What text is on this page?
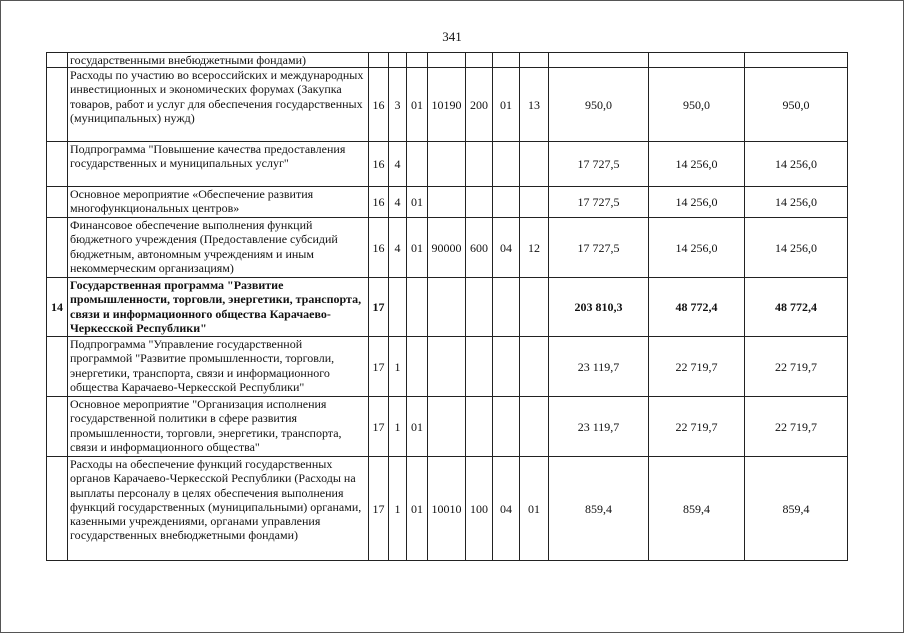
341
	государственными внебюджетными фондами)										
	Расходы по участию во всероссийских и международных инвестиционных и экономических форумах (Закупка товаров, работ и услуг для обеспечения государственных (муниципальных) нужд)	16	3	01	10190	200	01	13	950,0	950,0	950,0
	Подпрограмма "Повышение качества предоставления государственных и муниципальных услуг"	16	4						17 727,5	14 256,0	14 256,0
	Основное мероприятие «Обеспечение развития многофункциональных центров»	16	4	01					17 727,5	14 256,0	14 256,0
	Финансовое обеспечение выполнения функций бюджетного учреждения (Предоставление субсидий бюджетным, автономным учреждениям и иным некоммерческим организациям)	16	4	01	90000	600	04	12	17 727,5	14 256,0	14 256,0
14	Государственная программа "Развитие промышленности, торговли, энергетики, транспорта, связи и информационного общества Карачаево-Черкесской Республики"	17							203 810,3	48 772,4	48 772,4
	Подпрограмма "Управление государственной программой "Развитие промышленности, торговли, энергетики, транспорта, связи и информационного общества Карачаево-Черкесской Республики"	17	1						23 119,7	22 719,7	22 719,7
	Основное мероприятие "Организация исполнения государственной политики в сфере развития промышленности, торговли, энергетики, транспорта, связи и информационного общества"	17	1	01					23 119,7	22 719,7	22 719,7
	Расходы на обеспечение функций государственных органов Карачаево-Черкесской Республики (Расходы на выплаты персоналу в целях обеспечения выполнения функций государственных (муниципальными) органами, казенными учреждениями, органами управления государственных внебюджетными фондами)	17	1	01	10010	100	04	01	859,4	859,4	859,4
